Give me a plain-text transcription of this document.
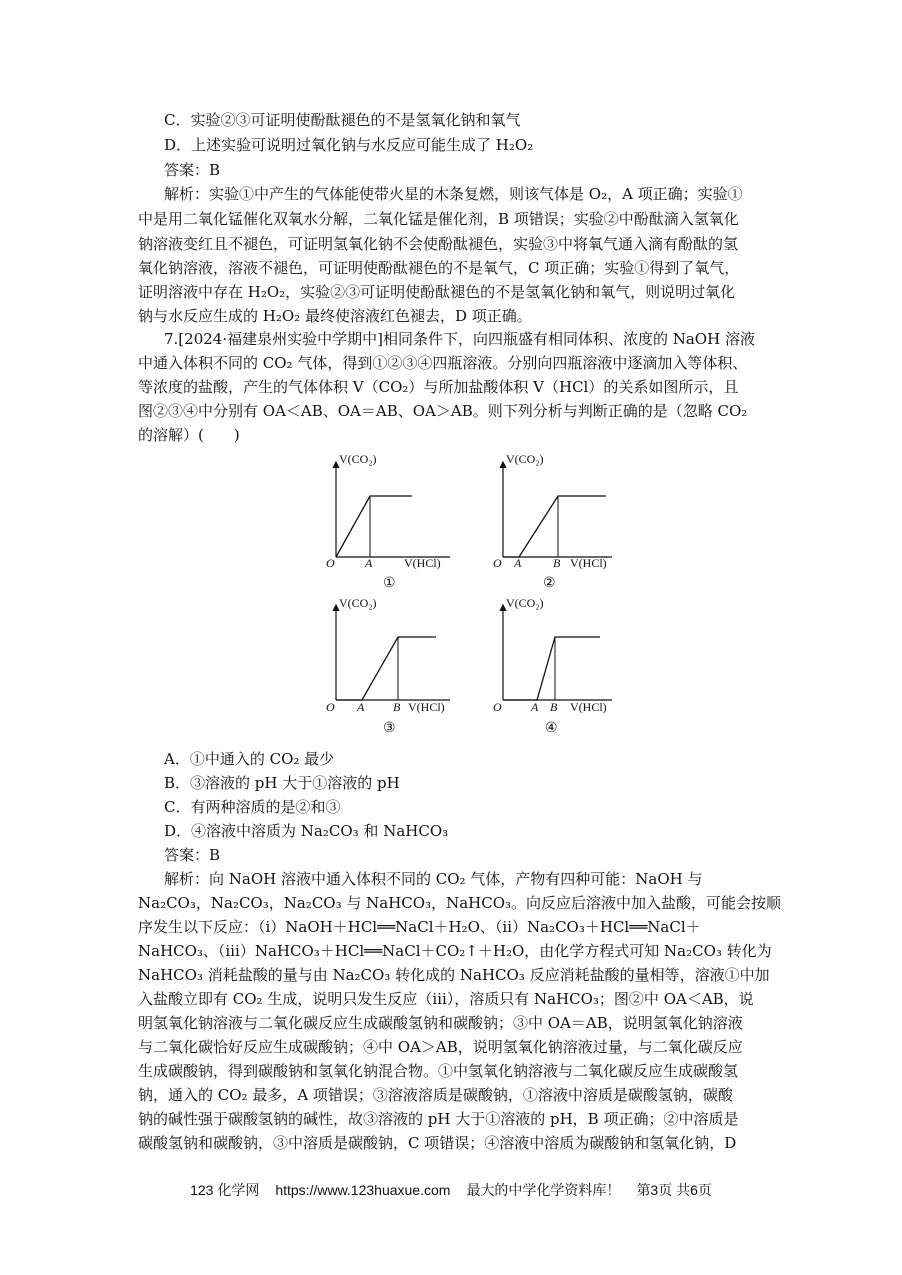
C．实验②③可证明使酚酞褪色的不是氢氧化钠和氧气
D．上述实验可说明过氧化钠与水反应可能生成了 H₂O₂
答案：B
解析：实验①中产生的气体能使带火星的木条复燃，则该气体是 O₂，A 项正确；实验①
中是用二氧化锰催化双氧水分解，二氧化锰是催化剂，B 项错误；实验②中酚酞滴入氢氧化
钠溶液变红且不褪色，可证明氢氧化钠不会使酚酞褪色，实验③中将氧气通入滴有酚酞的氢
氧化钠溶液，溶液不褪色，可证明使酚酞褪色的不是氧气，C 项正确；实验①得到了氧气，
证明溶液中存在 H₂O₂，实验②③可证明使酚酞褪色的不是氢氧化钠和氧气，则说明过氧化
钠与水反应生成的 H₂O₂ 最终使溶液红色褪去，D 项正确。
7.[2024·福建泉州实验中学期中]相同条件下，向四瓶盛有相同体积、浓度的 NaOH 溶液
中通入体积不同的 CO₂ 气体，得到①②③④四瓶溶液。分别向四瓶溶液中逐滴加入等体积、
等浓度的盐酸，产生的气体体积 V（CO₂）与所加盐酸体积 V（HCl）的关系如图所示，且
图②③④中分别有 OA＜AB、OA＝AB、OA＞AB。则下列分析与判断正确的是（忽略 CO₂
的溶解）(　　)
V(CO₂)
O	A	V(HCl)
①
V(CO₂)
O A	B V(HCl)
②
V(CO₂)
O A B V(HCl)
③
V(CO₂)
O A B V(HCl)
④
A．①中通入的 CO₂ 最少
B．③溶液的 pH 大于①溶液的 pH
C．有两种溶质的是②和③
D．④溶液中溶质为 Na₂CO₃ 和 NaHCO₃
答案：B
解析：向 NaOH 溶液中通入体积不同的 CO₂ 气体，产物有四种可能：NaOH 与
Na₂CO₃，Na₂CO₃，Na₂CO₃ 与 NaHCO₃，NaHCO₃。向反应后溶液中加入盐酸，可能会按顺
序发生以下反应：（ⅰ）NaOH＋HCl══NaCl＋H₂O、（ⅱ）Na₂CO₃＋HCl══NaCl＋
NaHCO₃、（ⅲ）NaHCO₃＋HCl══NaCl＋CO₂↑＋H₂O，由化学方程式可知 Na₂CO₃ 转化为
NaHCO₃ 消耗盐酸的量与由 Na₂CO₃ 转化成的 NaHCO₃ 反应消耗盐酸的量相等，溶液①中加
入盐酸立即有 CO₂ 生成，说明只发生反应（ⅲ），溶质只有 NaHCO₃；图②中 OA＜AB，说
明氢氧化钠溶液与二氧化碳反应生成碳酸氢钠和碳酸钠；③中 OA＝AB，说明氢氧化钠溶液
与二氧化碳恰好反应生成碳酸钠；④中 OA＞AB，说明氢氧化钠溶液过量，与二氧化碳反应
生成碳酸钠，得到碳酸钠和氢氧化钠混合物。①中氢氧化钠溶液与二氧化碳反应生成碳酸氢
钠，通入的 CO₂ 最多，A 项错误；③溶液溶质是碳酸钠，①溶液中溶质是碳酸氢钠，碳酸
钠的碱性强于碳酸氢钠的碱性，故③溶液的 pH 大于①溶液的 pH，B 项正确；②中溶质是
碳酸氢钠和碳酸钠，③中溶质是碳酸钠，C 项错误；④溶液中溶质为碳酸钠和氢氧化钠，D
123 化学网 https://www.123huaxue.com 最大的中学化学资料库！ 第3页 共6页
